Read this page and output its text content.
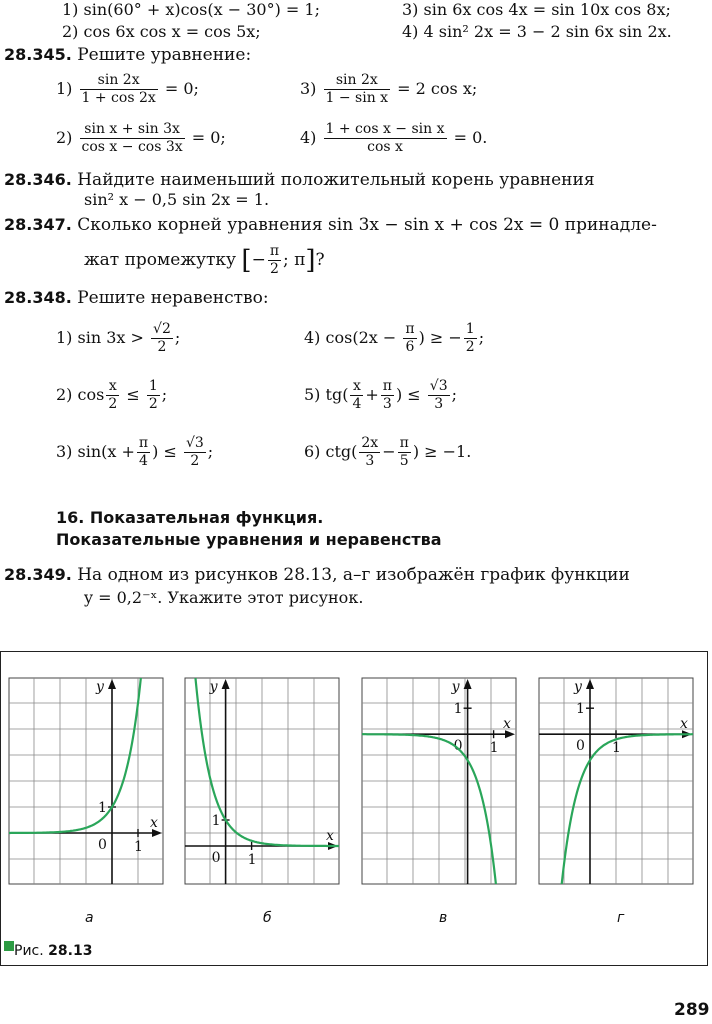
1) sin(60° + x)cos(x − 30°) = 1;	3) sin 6x cos 4x = sin 10x cos 8x;
2) cos 6x cos x = cos 5x;	4) 4 sin² 2x = 3 − 2 sin 6x sin 2x.
28.345. Решите уравнение:
$1) \frac{\sin 2x}{1 + \cos 2x} = 0$;	$3) \frac{\sin 2x}{\text{1 − sin x}} = 2$ cos x;
$2) \frac{\text{sin x + sin 3x}}{\text{cos x − cos 3x}} = 0$;	$4) \frac{\text{1 + cos x − sin x}}{\text{cos x}} = 0$.
28.346. Найдите наименьший положительный корень уравнения
sin² x − 0,5 sin 2x = 1.
28.347. Сколько корней уравнения sin 3x − sin x + cos 2x = 0 принадле-
жат промежутку [− $\frac{\pi}{2}$ ; π]?
28.348. Решите неравенство:
1) $\sin 3x > \frac{√2}{2}$ ;	4) $\cos(2x - \frac{\pi}{6}$ ) ≥ − $\frac{1}{2}$ ;
2) $\cos \frac{x}{2} \le \frac{1}{2}$ ;	5) $tg( \frac{x}{4} + \frac{\pi}{3}$ ) ≤ $\frac{√3}{3}$ ;
3) $\sin(x + \frac{\pi}{4}$ ) ≤ $\frac{√3}{2}$ ;	6) $ctg( \frac{2x}{3} - \frac{\pi}{5}$ ) ≥ −1.
16. Показательная функция.
Показательные уравнения и неравенства
28.349. На одном из рисунков 28.13, а–г изображён график функции
y = 0,2⁻ˣ. Укажите этот рисунок.
y
x
0 1
1
y
x
0 1
1
y
x
0 1
1
y
x
0 1
1
а	б	в	г
Рис. 28.13
289
